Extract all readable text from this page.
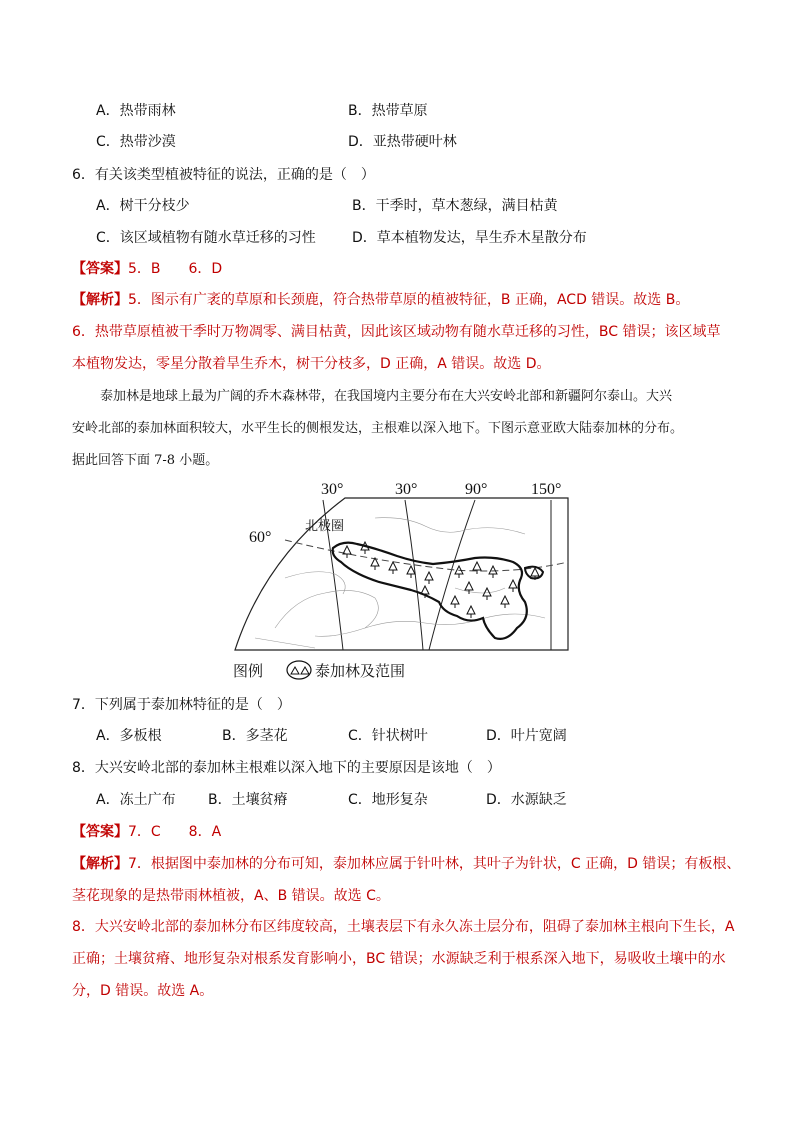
A．热带雨林	B．热带草原
C．热带沙漠	D．亚热带硬叶林
6．有关该类型植被特征的说法，正确的是（　）
A．树干分枝少	B．干季时，草木葱绿，满目枯黄
C．该区域植物有随水草迁移的习性	D．草本植物发达，旱生乔木星散分布
【答案】5．B　　6．D
【解析】5．图示有广袤的草原和长颈鹿，符合热带草原的植被特征，B 正确，ACD 错误。故选 B。
6．热带草原植被干季时万物凋零、满目枯黄，因此该区域动物有随水草迁移的习性，BC 错误；该区域草
本植物发达，零星分散着旱生乔木，树干分枝多，D 正确，A 错误。故选 D。
泰加林是地球上最为广阔的乔木森林带，在我国境内主要分布在大兴安岭北部和新疆阿尔泰山。大兴
安岭北部的泰加林面积较大，水平生长的侧根发达，主根难以深入地下。下图示意亚欧大陆泰加林的分布。
据此回答下面 7-8 小题。
30°	30°	90°	150°
60°
北极圈
图例	泰加林及范围
7．下列属于泰加林特征的是（　）
A．多板根	B．多茎花	C．针状树叶	D．叶片宽阔
8．大兴安岭北部的泰加林主根难以深入地下的主要原因是该地（　）
A．冻土广布 B．土壤贫瘠	C．地形复杂	D．水源缺乏
【答案】7．C　　8．A
【解析】7．根据图中泰加林的分布可知，泰加林应属于针叶林，其叶子为针状，C 正确，D 错误；有板根、
茎花现象的是热带雨林植被，A、B 错误。故选 C。
8．大兴安岭北部的泰加林分布区纬度较高，土壤表层下有永久冻土层分布，阻碍了泰加林主根向下生长，A
正确；土壤贫瘠、地形复杂对根系发育影响小，BC 错误；水源缺乏利于根系深入地下，易吸收土壤中的水
分，D 错误。故选 A。
